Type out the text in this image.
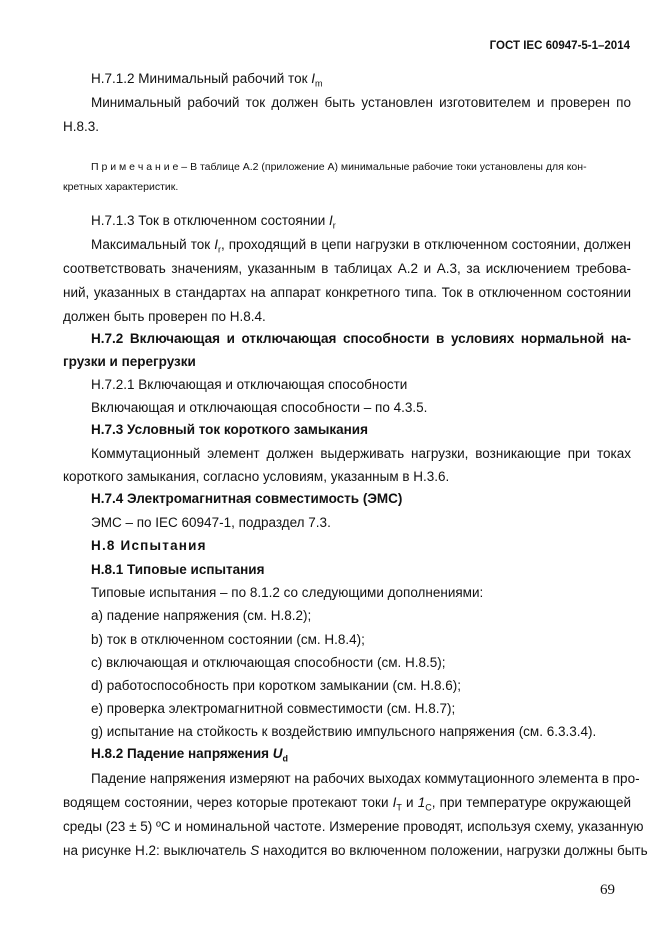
ГОСТ IEC 60947-5-1–2014
Н.7.1.2 Минимальный рабочий ток $I_m$
Минимальный рабочий ток должен быть установлен изготовителем и проверен по
Н.8.3.
П р и м е ч а н и е – В таблице А.2 (приложение А) минимальные рабочие токи установлены для кон-
кретных характеристик.
Н.7.1.3 Ток в отключенном состоянии $I_r$
Максимальный ток $I_r$, проходящий в цепи нагрузки в отключенном состоянии, должен
соответствовать значениям, указанным в таблицах А.2 и А.3, за исключением требова-
ний, указанных в стандартах на аппарат конкретного типа. Ток в отключенном состоянии
должен быть проверен по Н.8.4.
Н.7.2 Включающая и отключающая способности в условиях нормальной на-
грузки и перегрузки
Н.7.2.1 Включающая и отключающая способности
Включающая и отключающая способности – по 4.3.5.
Н.7.3 Условный ток короткого замыкания
Коммутационный элемент должен выдерживать нагрузки, возникающие при токах
короткого замыкания, согласно условиям, указанным в Н.3.6.
Н.7.4 Электромагнитная совместимость (ЭМС)
ЭМС – по IEC 60947-1, подраздел 7.3.
Н.8 Испытания
Н.8.1 Типовые испытания
Типовые испытания – по 8.1.2 со следующими дополнениями:
а) падение напряжения (см. Н.8.2);
b) ток в отключенном состоянии (см. Н.8.4);
c) включающая и отключающая способности (см. Н.8.5);
d) работоспособность при коротком замыкании (см. Н.8.6);
e) проверка электромагнитной совместимости (см. Н.8.7);
g) испытание на стойкость к воздействию импульсного напряжения (см. 6.3.3.4).
Н.8.2 Падение напряжения $U_d$
Падение напряжения измеряют на рабочих выходах коммутационного элемента в про-
водящем состоянии, через которые протекают токи $I_T$ и $1_C$, при температуре окружающей
среды (23 ± 5) ºС и номинальной частоте. Измерение проводят, используя схему, указанную
на рисунке Н.2: выключатель S находится во включенном положении, нагрузки должны быть
69
